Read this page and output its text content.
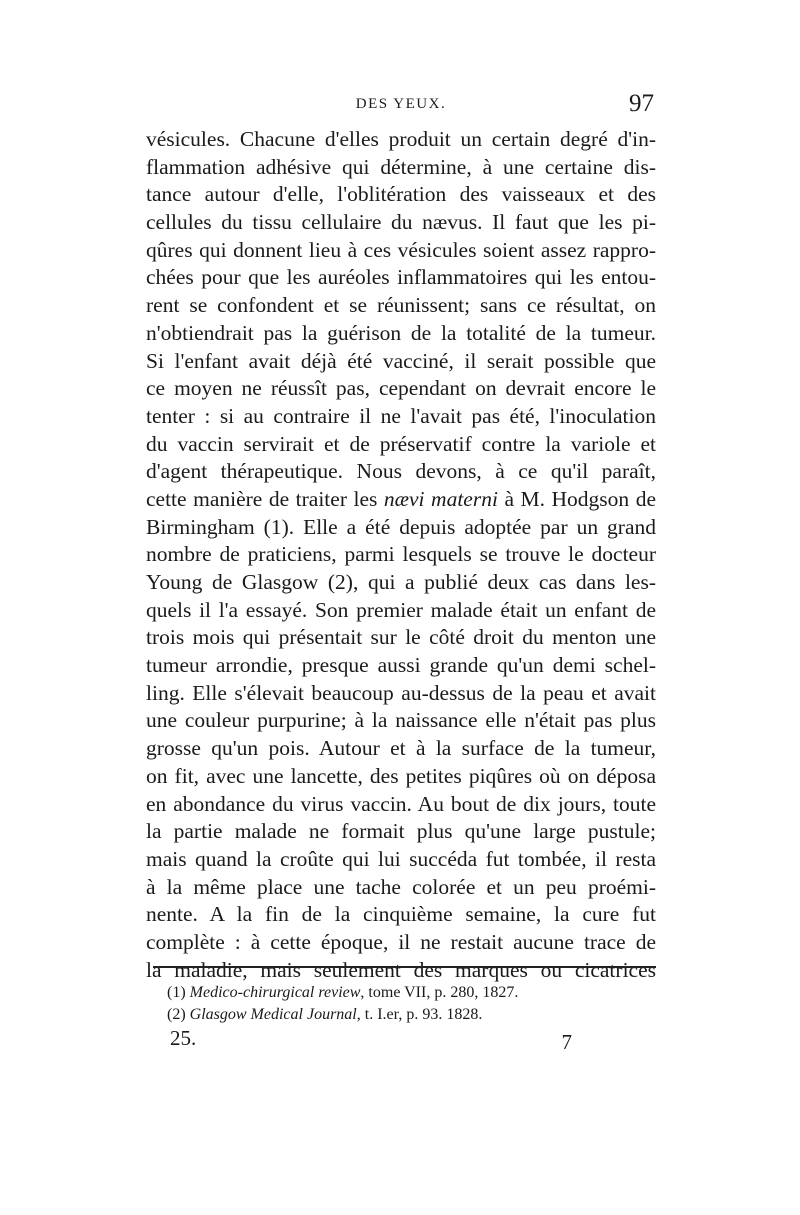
DES YEUX.	97
vésicules. Chacune d'elles produit un certain degré d'in-
flammation adhésive qui détermine, à une certaine dis-
tance autour d'elle, l'oblitération des vaisseaux et des
cellules du tissu cellulaire du nævus. Il faut que les pi-
qûres qui donnent lieu à ces vésicules soient assez rappro-
chées pour que les auréoles inflammatoires qui les entou-
rent se confondent et se réunissent; sans ce résultat, on
n'obtiendrait pas la guérison de la totalité de la tumeur.
Si l'enfant avait déjà été vacciné, il serait possible que
ce moyen ne réussît pas, cependant on devrait encore le
tenter : si au contraire il ne l'avait pas été, l'inoculation
du vaccin servirait et de préservatif contre la variole et
d'agent thérapeutique. Nous devons, à ce qu'il paraît,
cette manière de traiter les nævi materni à M. Hodgson de
Birmingham (1). Elle a été depuis adoptée par un grand
nombre de praticiens, parmi lesquels se trouve le docteur
Young de Glasgow (2), qui a publié deux cas dans les-
quels il l'a essayé. Son premier malade était un enfant de
trois mois qui présentait sur le côté droit du menton une
tumeur arrondie, presque aussi grande qu'un demi schel-
ling. Elle s'élevait beaucoup au-dessus de la peau et avait
une couleur purpurine; à la naissance elle n'était pas plus
grosse qu'un pois. Autour et à la surface de la tumeur,
on fit, avec une lancette, des petites piqûres où on déposa
en abondance du virus vaccin. Au bout de dix jours, toute
la partie malade ne formait plus qu'une large pustule;
mais quand la croûte qui lui succéda fut tombée, il resta
à la même place une tache colorée et un peu proémi-
nente. A la fin de la cinquième semaine, la cure fut
complète : à cette époque, il ne restait aucune trace de
la maladie, mais seulement des marques ou cicatrices
(1) Medico-chirurgical review, tome VII, p. 280, 1827.
(2) Glasgow Medical Journal, t. I.er, p. 93. 1828.
25.	7
